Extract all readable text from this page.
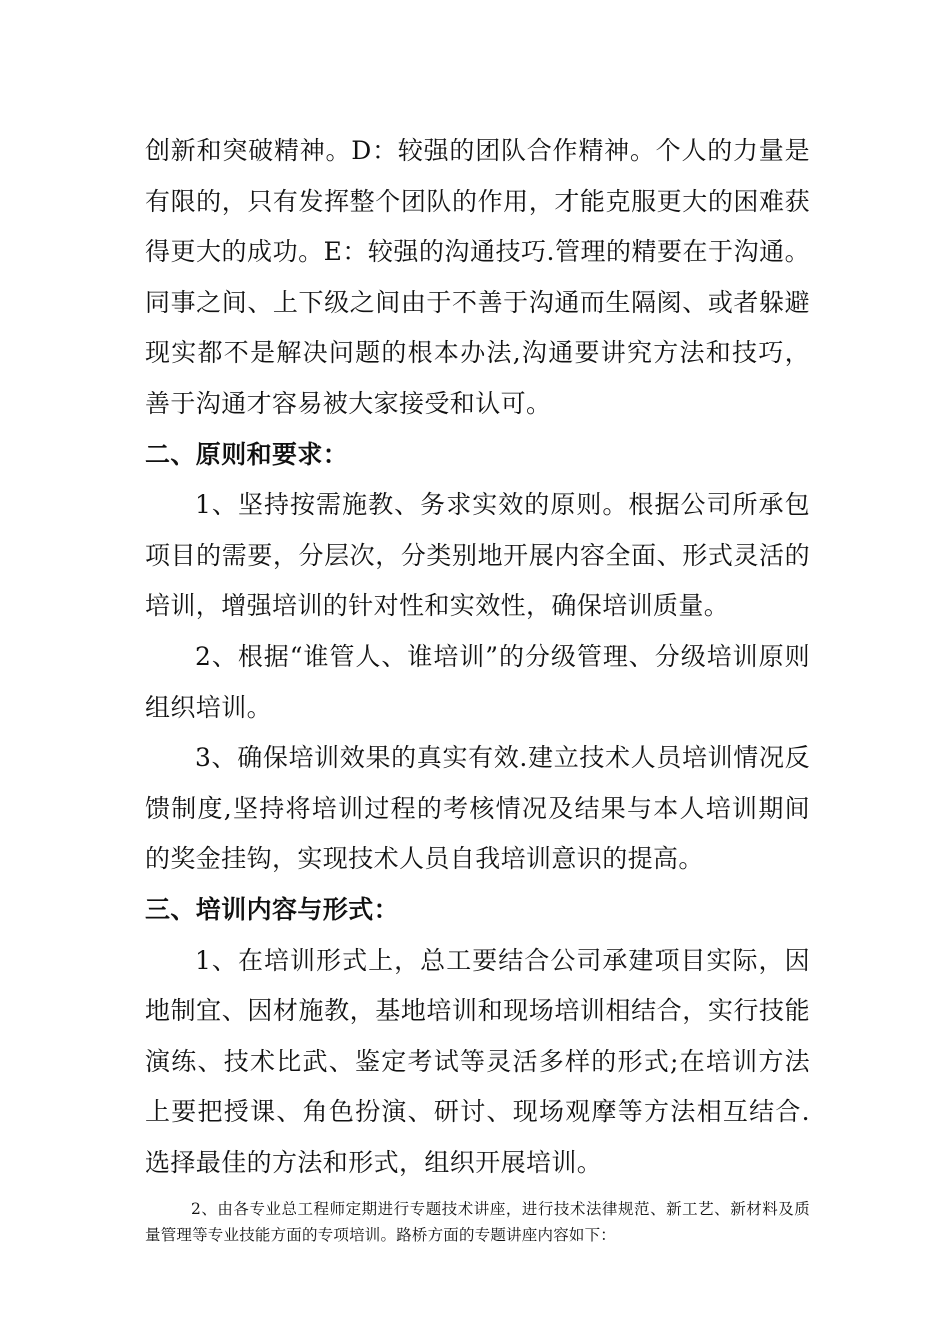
创新和突破精神。D：较强的团队合作精神。个人的力量是有限的，只有发挥整个团队的作用，才能克服更大的困难获得更大的成功。E：较强的沟通技巧.管理的精要在于沟通。同事之间、上下级之间由于不善于沟通而生隔阂、或者躲避现实都不是解决问题的根本办法,沟通要讲究方法和技巧，善于沟通才容易被大家接受和认可。

二、原则和要求：

1、坚持按需施教、务求实效的原则。根据公司所承包项目的需要，分层次，分类别地开展内容全面、形式灵活的培训，增强培训的针对性和实效性，确保培训质量。

2、根据“谁管人、谁培训”的分级管理、分级培训原则组织培训。

3、确保培训效果的真实有效.建立技术人员培训情况反馈制度,坚持将培训过程的考核情况及结果与本人培训期间的奖金挂钩，实现技术人员自我培训意识的提高。

三、培训内容与形式：

1、在培训形式上，总工要结合公司承建项目实际，因地制宜、因材施教，基地培训和现场培训相结合，实行技能演练、技术比武、鉴定考试等灵活多样的形式;在培训方法上要把授课、角色扮演、研讨、现场观摩等方法相互结合.选择最佳的方法和形式，组织开展培训。

2、由各专业总工程师定期进行专题技术讲座，进行技术法律规范、新工艺、新材料及质量管理等专业技能方面的专项培训。路桥方面的专题讲座内容如下：
